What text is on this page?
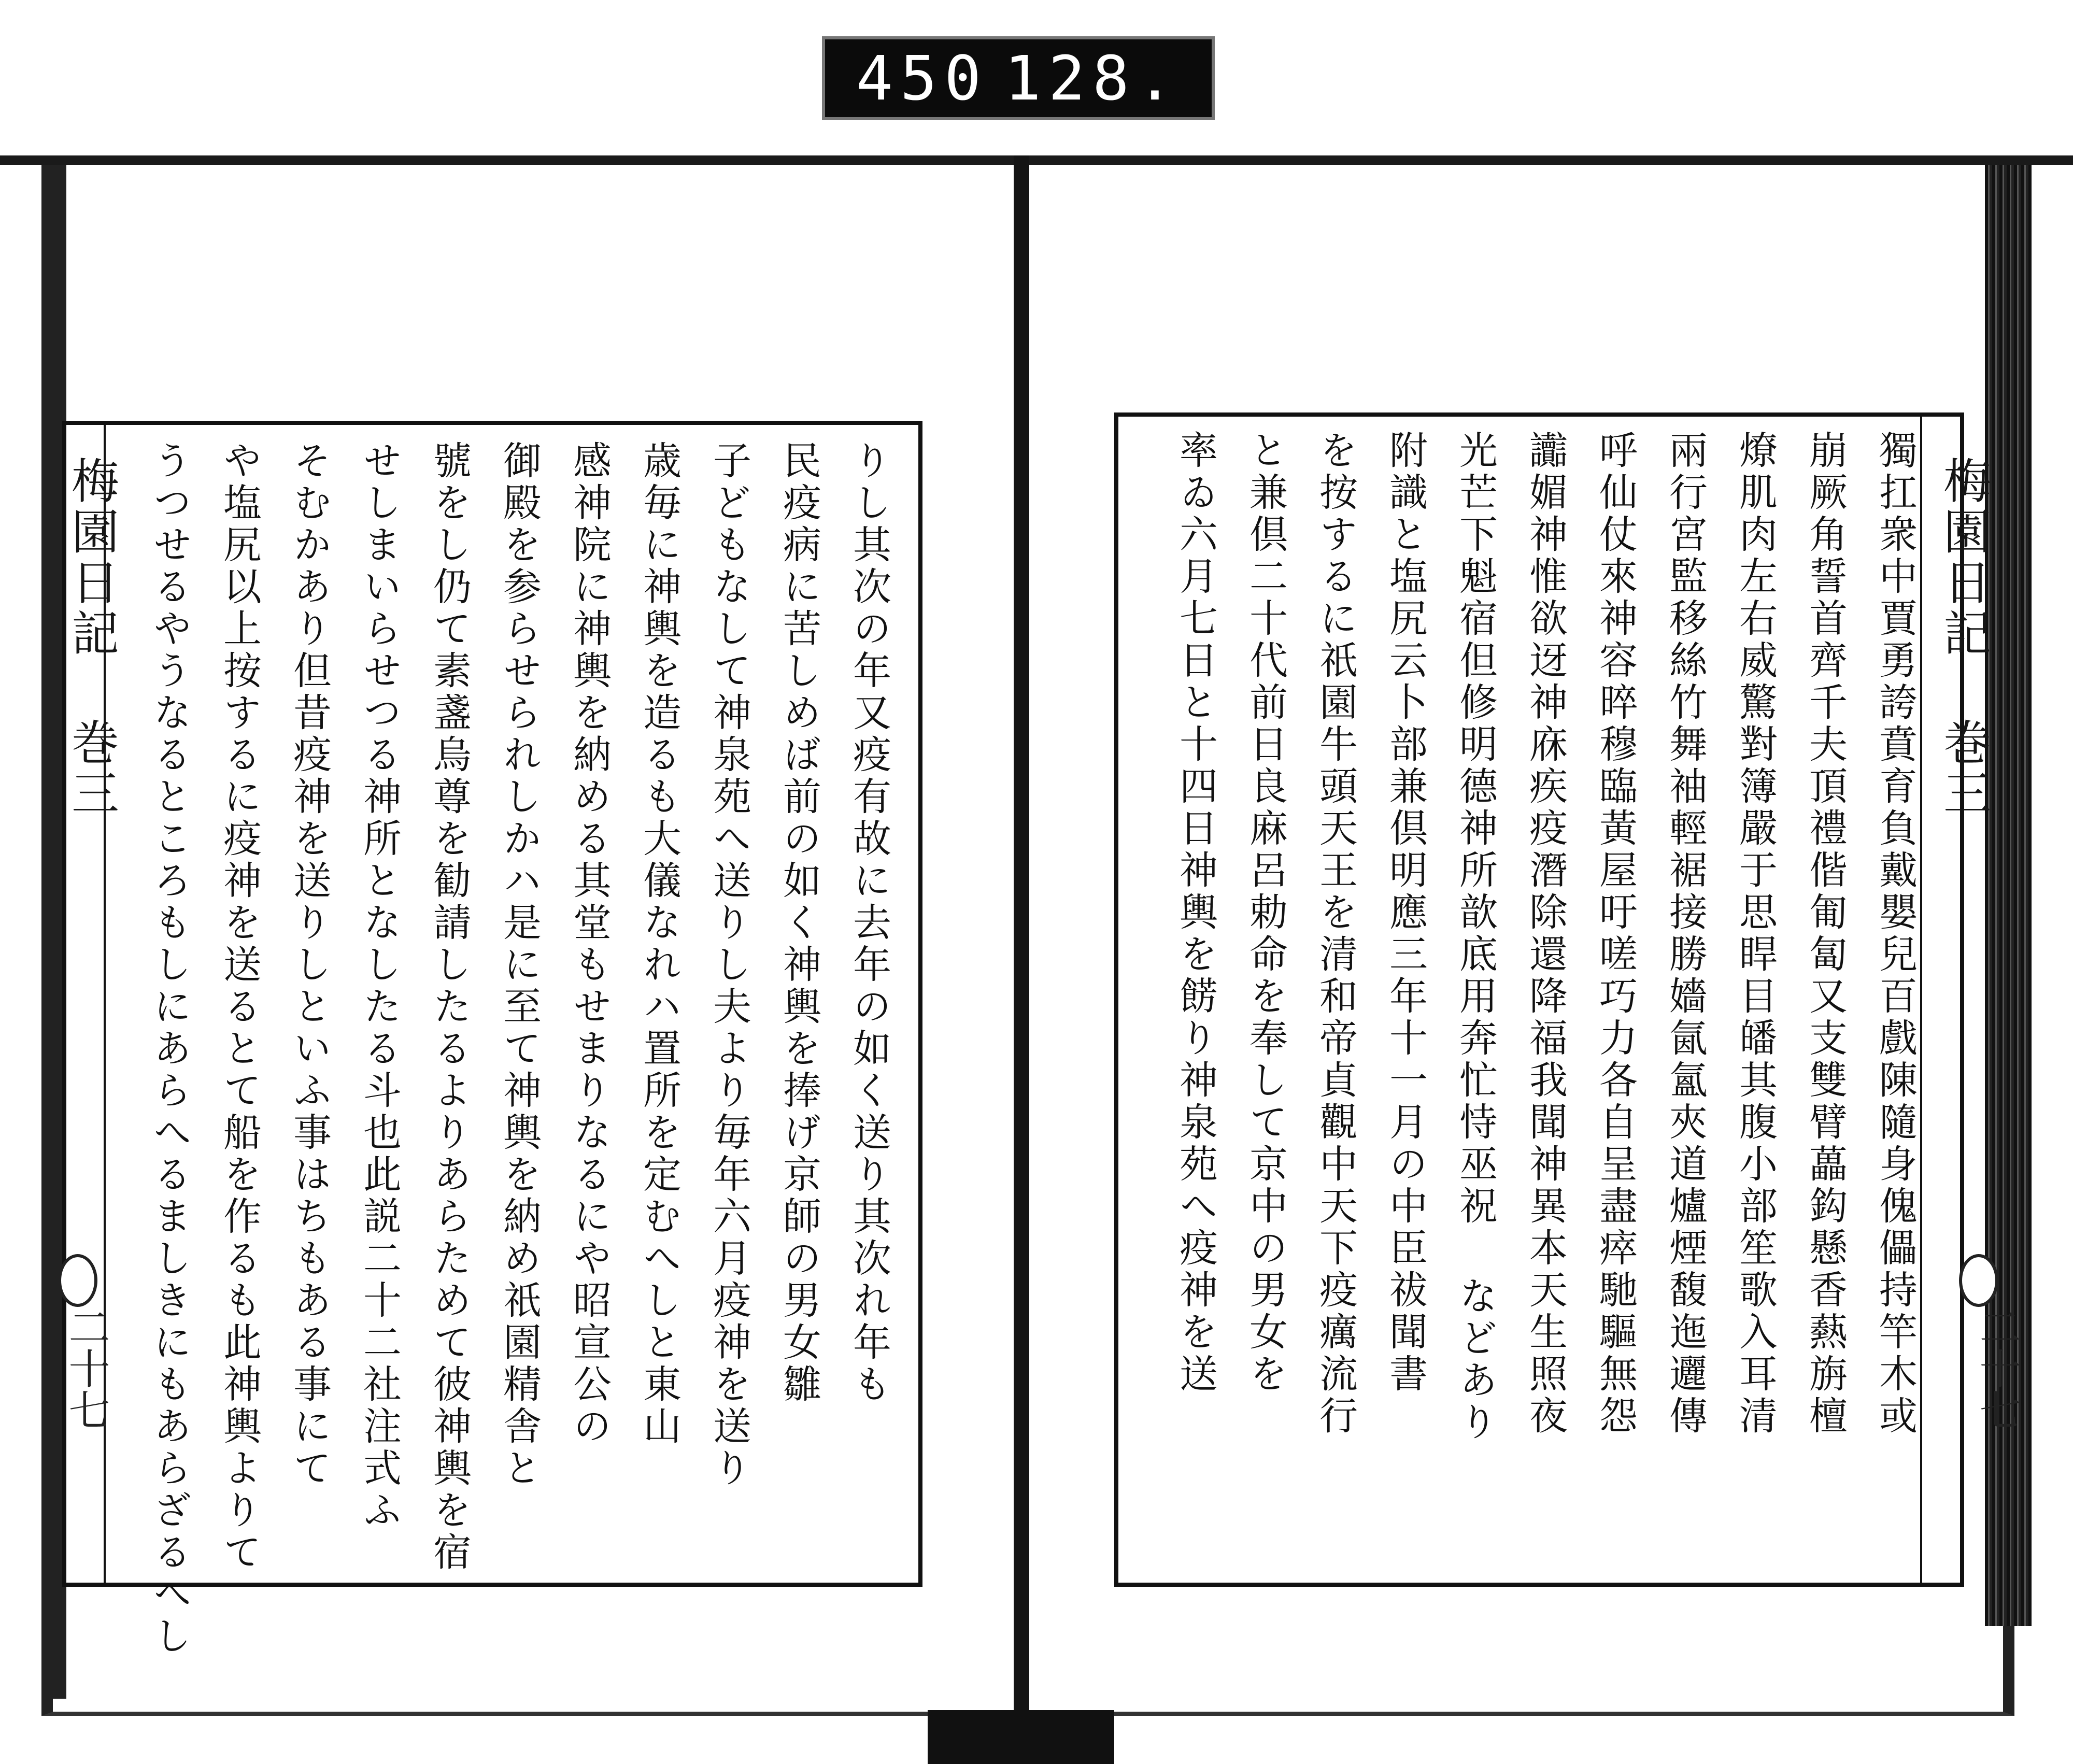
450 128.
梅園日記 巻三
二十七
梅園日記 巻三
二十七	獨扛衆中賈勇誇賁育負戴嬰兒百戲陳隨身傀儡持竿木或
崩厥角誓首齊千夫頂禮偕匍匐又支雙臂藟鈎懸香爇旃檀
燎肌肉左右威驚對簿嚴于思睅目皤其腹小部笙歌入耳清
兩行宮監移絲竹舞袖輕裾接勝嬙氤氳夾道爐煙馥迤邐傳
呼仙仗來神容晬穆臨黃屋吁嗟巧力各自呈盡瘁馳驅無怨
讟媚神惟欲迓神庥疾疫潛除還降福我聞神異本天生照夜
光芒下魁宿但修明德神所歆底用奔忙恃巫祝 などあり
附識と塩尻云卜部兼倶明應三年十一月の中臣祓聞書
を按するに祇園牛頭天王を清和帝貞觀中天下疫癘流行
と兼倶二十代前日良麻呂勅命を奉して京中の男女を
率ゐ六月七日と十四日神輿を餝り神泉苑へ疫神を送
りし其次の年又疫有故に去年の如く送り其次れ年も
民疫病に苦しめば前の如く神輿を捧げ京師の男女雛
子どもなして神泉苑へ送りし夫より毎年六月疫神を送り
歳毎に神輿を造るも大儀なれハ置所を定むへしと東山
感神院に神輿を納める其堂もせまりなるにや昭宣公の
御殿を参らせられしかハ是に至て神輿を納め祇園精舎と
號をし仍て素盞烏尊を勧請したるよりあらためて彼神輿を宿
せしまいらせつる神所となしたる斗也此説二十二社注式ふ
そむかあり但昔疫神を送りしといふ事はちもある事にて
や塩尻以上按するに疫神を送るとて船を作るも此神輿よりて
うつせるやうなるところもしにあらへるましきにもあらざるへし
